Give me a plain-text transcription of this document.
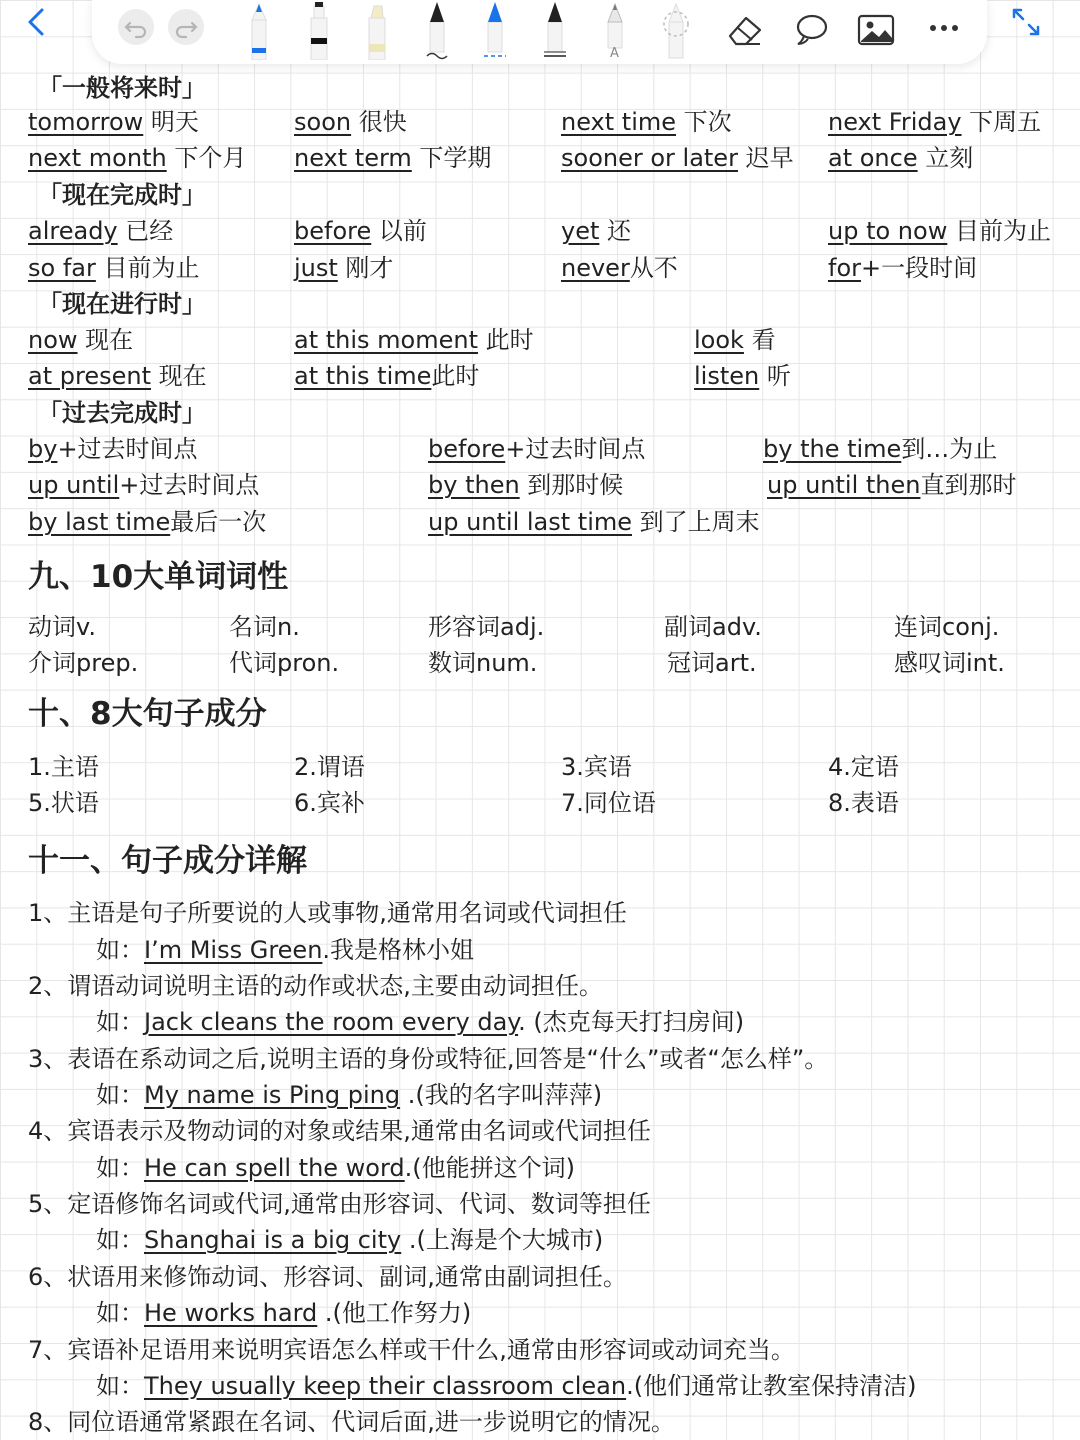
A
「一般将来时」
tomorrow 明天	soon 很快	next time 下次	next Friday 下周五
next month 下个月 next term 下学期	sooner or later 迟早 at once 立刻
「现在完成时」
already 已经	before 以前	yet 还	up to now 目前为止
so far 目前为止	just 刚才	never从不	for+一段时间
「现在进行时」
now 现在	at this moment 此时	look 看
at present 现在	at this time此时	listen 听
「过去完成时」
by+过去时间点	before+过去时间点	by the time到…为止
up until+过去时间点	by then 到那时候	up until then直到那时
by last time最后一次	up until last time 到了上周末
九、10大单词词性
动词v.	名词n.	形容词adj.	副词adv.	连词conj.
介词prep.	代词pron.	数词num.	冠词art.	感叹词int.
十、8大句子成分
1.主语	2.谓语	3.宾语	4.定语
5.状语	6.宾补	7.同位语	8.表语
十一、句子成分详解
1、主语是句子所要说的人或事物,通常用名词或代词担任
如：I’m Miss Green.我是格林小姐
2、谓语动词说明主语的动作或状态,主要由动词担任。
如：Jack cleans the room every day. (杰克每天打扫房间)
3、表语在系动词之后,说明主语的身份或特征,回答是“什么”或者“怎么样”。
如：My name is Ping ping .(我的名字叫萍萍)
4、宾语表示及物动词的对象或结果,通常由名词或代词担任
如：He can spell the word.(他能拼这个词)
5、定语修饰名词或代词,通常由形容词、代词、数词等担任
如：Shanghai is a big city .(上海是个大城市)
6、状语用来修饰动词、形容词、副词,通常由副词担任。
如：He works hard .(他工作努力)
7、宾语补足语用来说明宾语怎么样或干什么,通常由形容词或动词充当。
如：They usually keep their classroom clean.(他们通常让教室保持清洁)
8、同位语通常紧跟在名词、代词后面,进一步说明它的情况。
